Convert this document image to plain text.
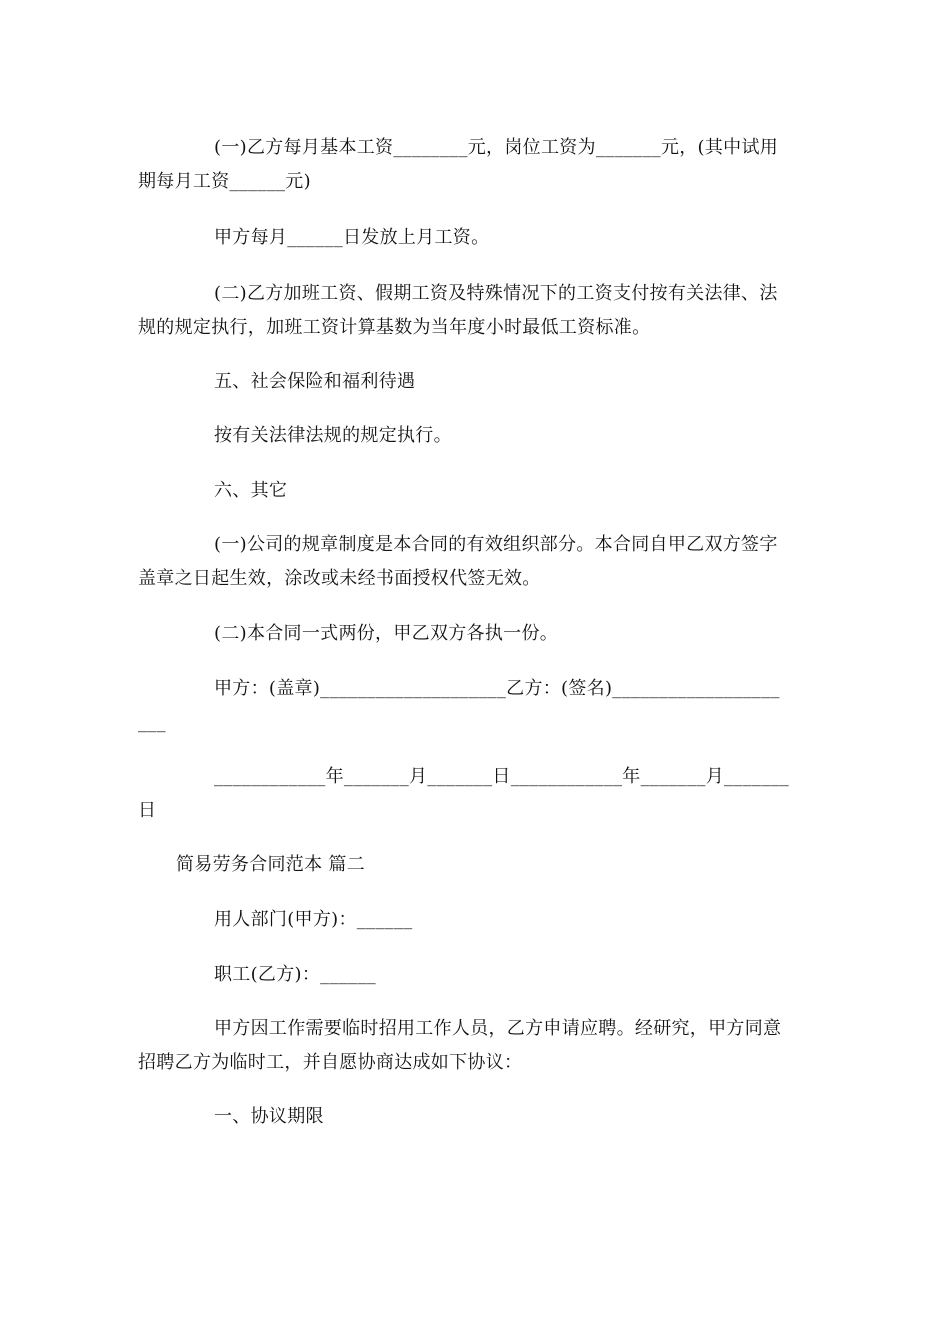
(一)乙方每月基本工资________元，岗位工资为_______元，(其中试用
期每月工资______元)
甲方每月______日发放上月工资。
(二)乙方加班工资、假期工资及特殊情况下的工资支付按有关法律、法
规的规定执行，加班工资计算基数为当年度小时最低工资标准。
五、社会保险和福利待遇
按有关法律法规的规定执行。
六、其它
(一)公司的规章制度是本合同的有效组织部分。本合同自甲乙双方签字
盖章之日起生效，涂改或未经书面授权代签无效。
(二)本合同一式两份，甲乙双方各执一份。
甲方：(盖章)____________________乙方：(签名)__________________
___
____________年_______月_______日____________年_______月_______
日
简易劳务合同范本 篇二
用人部门(甲方)：______
职工(乙方)：______
甲方因工作需要临时招用工作人员，乙方申请应聘。经研究，甲方同意
招聘乙方为临时工，并自愿协商达成如下协议：
一、协议期限
